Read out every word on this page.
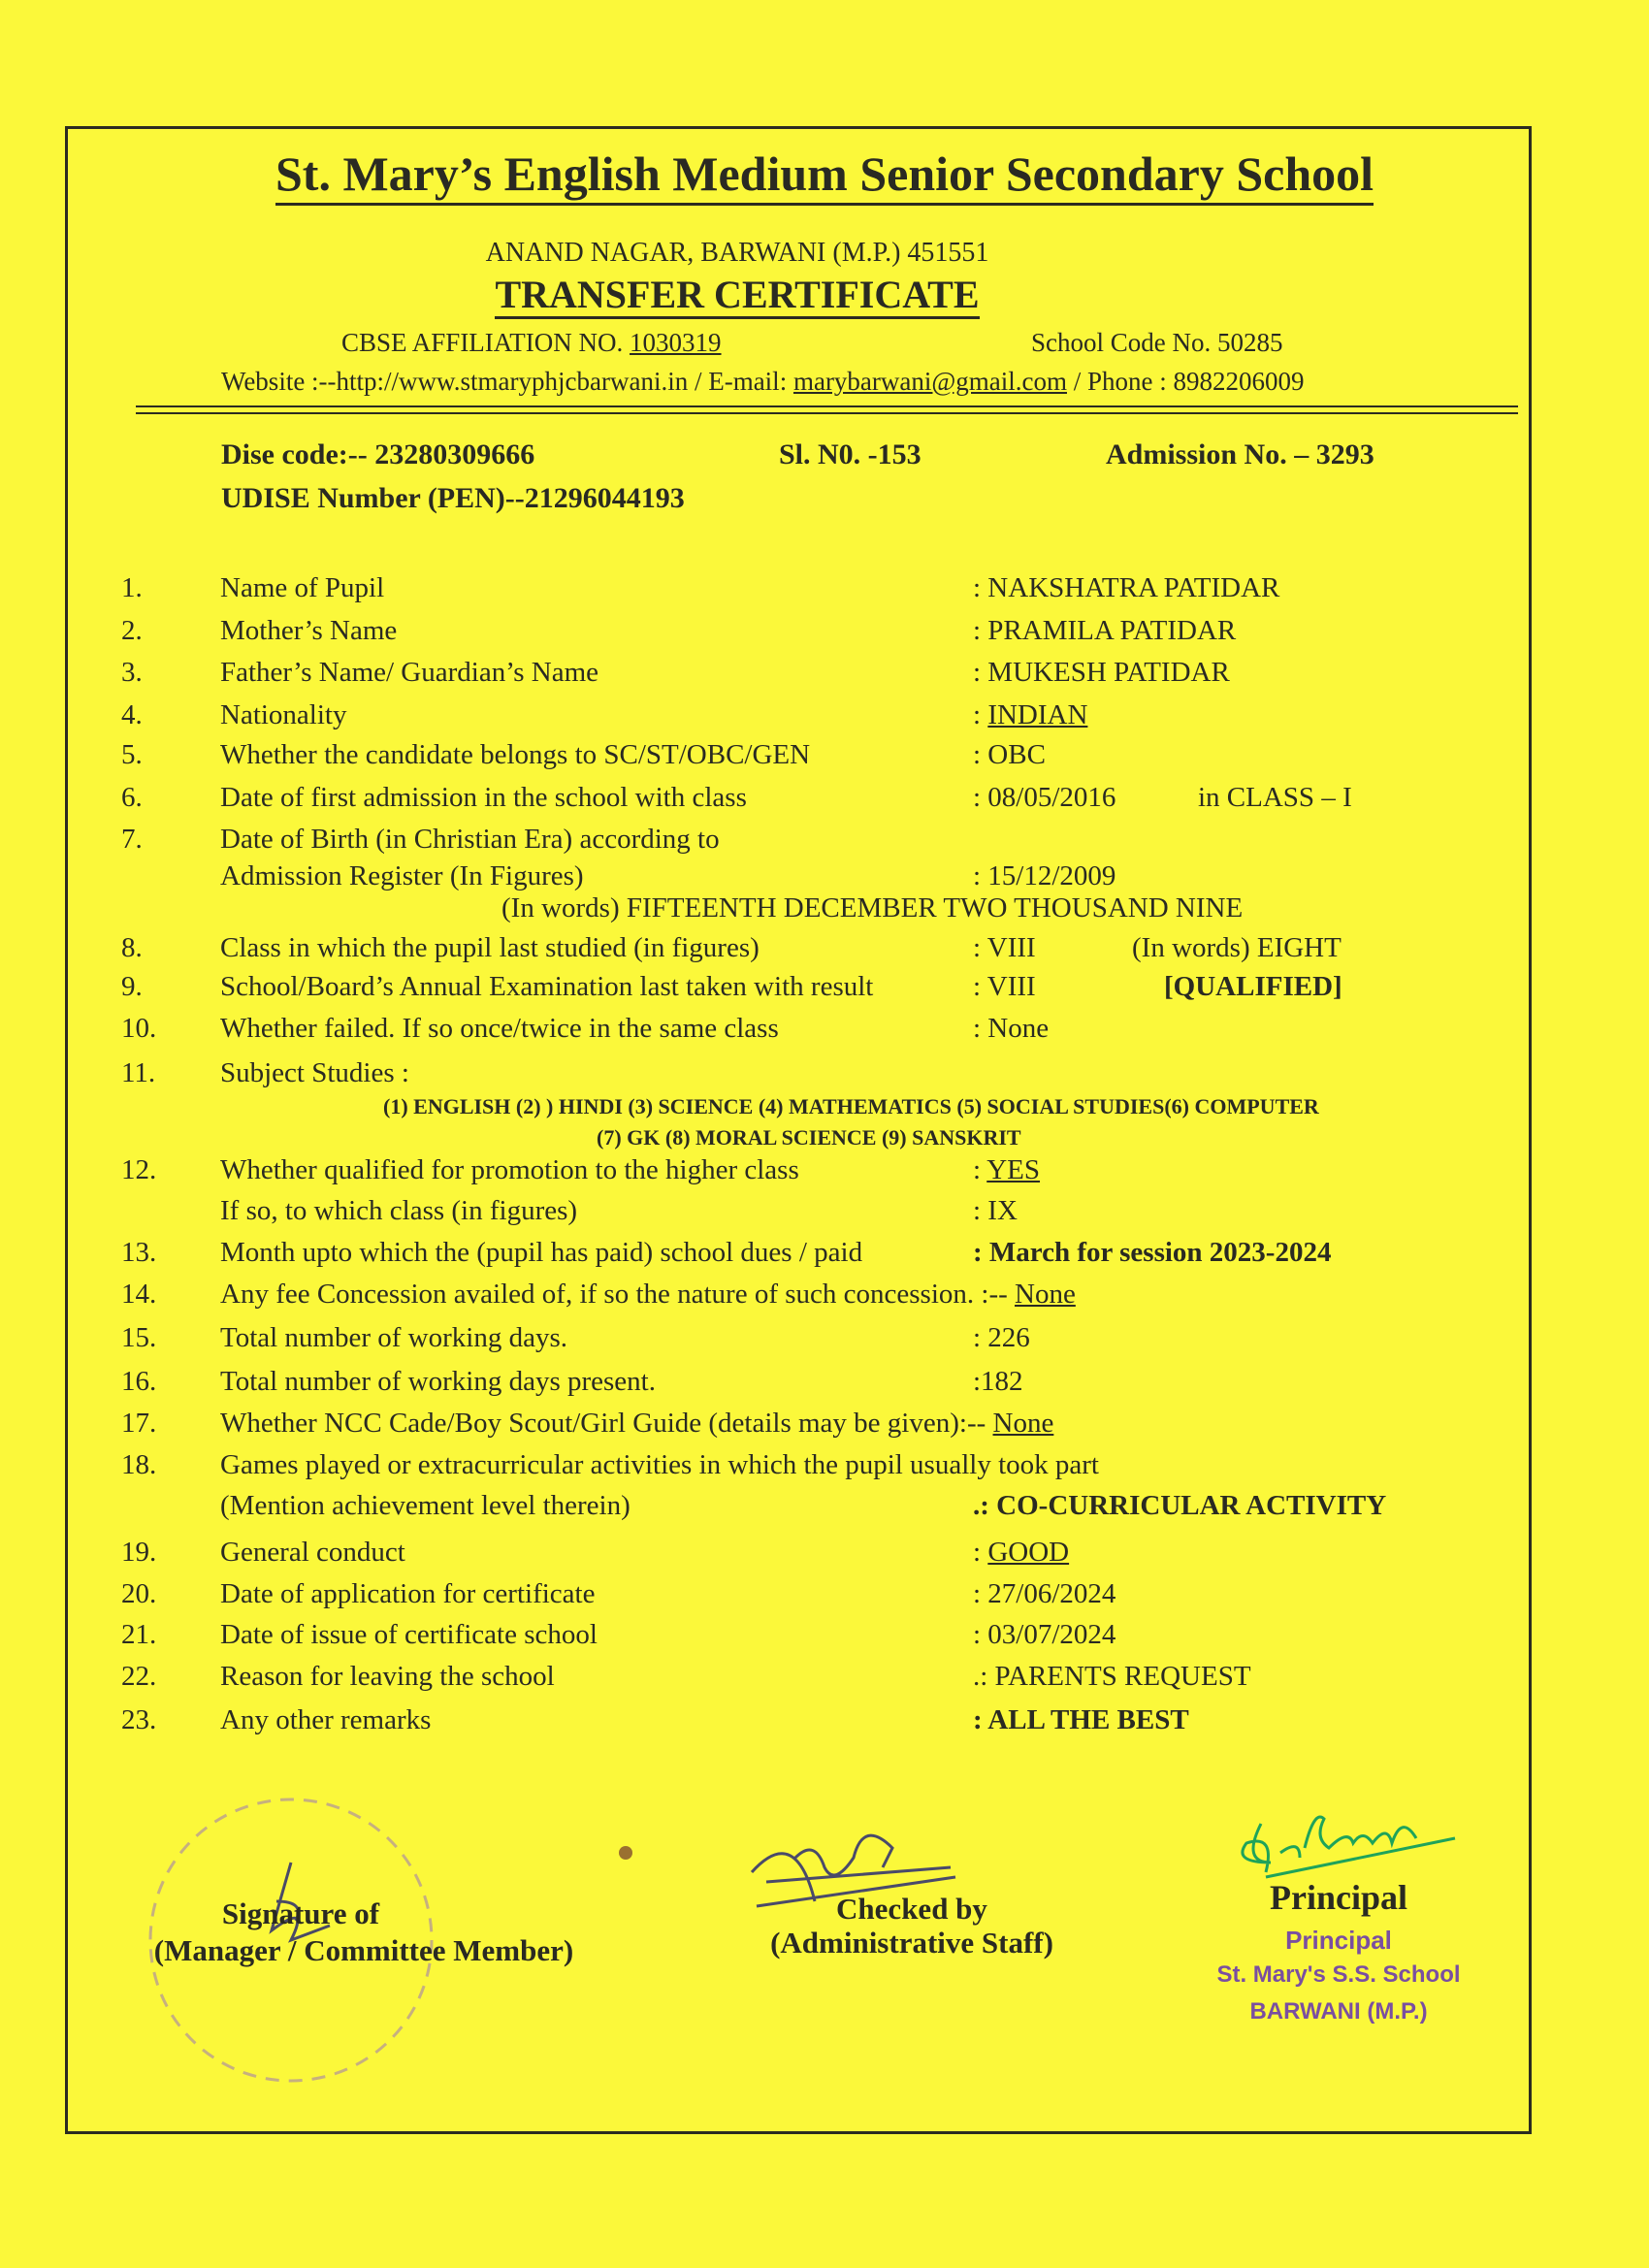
St. Mary’s English Medium Senior Secondary School
ANAND NAGAR, BARWANI (M.P.) 451551
TRANSFER CERTIFICATE
CBSE AFFILIATION NO. 1030319	School Code No. 50285
Website :--http://www.stmaryphjcbarwani.in / E-mail: marybarwani@gmail.com / Phone : 8982206009
Dise code:-- 23280309666	Sl. N0. -153	Admission No. – 3293
UDISE Number (PEN)--21296044193
1.	Name of Pupil	: NAKSHATRA PATIDAR
2.	Mother’s Name	: PRAMILA PATIDAR
3.	Father’s Name/ Guardian’s Name	: MUKESH PATIDAR
4.	Nationality	: INDIAN
5.	Whether the candidate belongs to SC/ST/OBC/GEN	: OBC
6.	Date of first admission in the school with class	: 08/05/2016	in CLASS – I
7.	Date of Birth (in Christian Era) according to
Admission Register (In Figures)	: 15/12/2009
(In words) FIFTEENTH DECEMBER TWO THOUSAND NINE
8.	Class in which the pupil last studied (in figures)	: VIII	(In words) EIGHT
9.	School/Board’s Annual Examination last taken with result	: VIII	[QUALIFIED]
10. Whether failed. If so once/twice in the same class	: None
11. Subject Studies :
(1) ENGLISH (2) ) HINDI (3) SCIENCE (4) MATHEMATICS (5) SOCIAL STUDIES(6) COMPUTER
(7) GK (8) MORAL SCIENCE (9) SANSKRIT
12. Whether qualified for promotion to the higher class	: YES
If so, to which class (in figures)	: IX
13. Month upto which the (pupil has paid) school dues / paid	: March for session 2023-2024
14. Any fee Concession availed of, if so the nature of such concession. :-- None
15. Total number of working days.	: 226
16. Total number of working days present.	:182
17. Whether NCC Cade/Boy Scout/Girl Guide (details may be given):-- None
18. Games played or extracurricular activities in which the pupil usually took part
(Mention achievement level therein)	.: CO-CURRICULAR ACTIVITY
19. General conduct	: GOOD
20. Date of application for certificate	: 27/06/2024
21. Date of issue of certificate school	: 03/07/2024
22. Reason for leaving the school	.: PARENTS REQUEST
23. Any other remarks	: ALL THE BEST
Signature of
(Manager / Committee Member)
Checked by
(Administrative Staff)
Principal
Principal
St. Mary's S.S. School
BARWANI (M.P.)
